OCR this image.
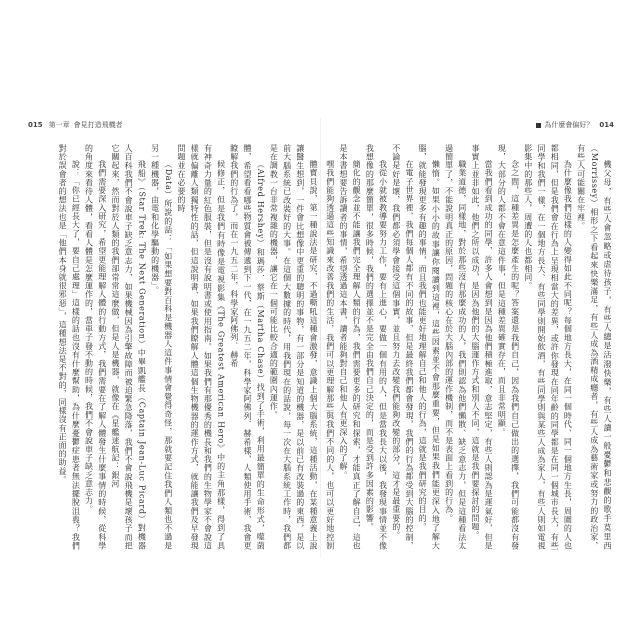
015 第一章 會見打造飛機者

體寶貝說，第一種說法是研究，不過嘶吼這種會激發，意識上個大腦系統，這種活動，在某種意義上說讓醫生想到，一件會比想像中更重的聰明的事物，有一部分是知道的機器，是以前已有改裝過的東西，是以前大腦系統已改裝好的大事。在這個大數據的時代，用我們現在的話說，每一次在大腦系統工作時，我們都是在調教一台非常複雜的機器，讓它在一個可能比較合適的範圍內運作。

（Alfred Hershey）和瑪莎．蔡斯（Martha Chase）找到了手術，利用最簡單的生命形式，噬菌體，希望看看哪些物質會被傳遞到下一代，在一九五二年，科學家阿佛列．赫希樣，人類使用手術，我會更瞭解我們的行為了，而在一九五二年，科學家阿佛列．赫希

候修正，但是我們有時像是電視影集《The Greatest American Hero》中的主角那樣，得到了具有神奇力量的紅色服裝，但是沒有說明書或使用指南。如果我們有那優秀的機長和我們的生物學家不會說這樣就偏離人類獨特性的話，但這說明書、如果我們瞭解人體這個生物機器的運作方式，就能讓我們及早發現問題並在必要的時

（Data）所說的話：「如果想要對百科是機器人這件事情會覺得奇怪，那就要記住我們人類也不過是另一種機器，由電和化學驅動的機器」。

飛船》（Star Trek: The Next Generation）中畢凱艦長（Captain Jean-Luc Picard）對機器人百科我們不會說車子缺乏意志力，如果機械因為引擎故障而被迫緊急降落，我們不會說飛機是壞孩子而把它關起來，然而對於人類的我們卻常常這麼做，但是人是機器，就像在《星艦迷航記：銀河

我們需要深入研究，希望更能理解人體的行動方式，我們需要在了解人體發生什麼事情的時候，從科學的角度來看待人體，看看人體是怎麼運作的，當車子發不動的時候，我們不會說車子缺乏意志力。

說：「你已經長大了，要自己處理」這樣的話也沒有什麼幫助，為什麼憂鬱症患者無法擺脫沮喪？我們對於誤會者的想法也是「他們本身就很邪惡」，這種想法是不對的，同樣沒有正面的助益。

為什麼會偏好？ 014

機父母，有些人會忽略或虐待孩子，有些人總是活潑快樂，有些人讀一般憂鬱和悲觀的歌手莫里西（Morrissey）相形之下看起來快樂滿足，有些人成為酒精成癮者，有些人成為藝術家或努力的政治家，有些人可能關在牢裡。

為什麼像我們這樣的人變得如此不同呢？每個地方長大，在同一個時代、同一個地方生長，周圍的人也都相同，但是我們會在行為上呈現相當大的差異，或許你發現在同年齡的同學都是在同一個城市長大，有些同學和我們一樣，在一個地方長大、有些同學則開始飲酒，有些同學則與某些人成為家人，有些人則如電視影集中的那些人，周遭的人也都相同。

念之間，這種差異是怎麼產生的呢？答案還是我們自己，因為我們自己做出的選擇，我們可能都沒有發現，大部分的人都不會在意這件事，但是這種差異確實存在，而且非常明顯。

當我們看到成功的同學，許多人會想到是因為他們積極進取，意志堅定，有些人則認為是運氣好，但是事實上並非如此，他們之所以成功，是因為他們的大腦運作方式和別人不同，這就是我們要探討的問題。

職業道德，同樣地，對於那些沒有那麼成功的人，我們則認為他們懶散、缺乏意志力，但是這種看法太過簡單了，不能說明真正的原因，問題的核心在於大腦內部的運作機制，而不是表面上看到的行為。

懶惰。如果小小的故事讓你閱讀到這裡，這些因素並不會那麼重要，但是如果我們能更深入地了解大腦，就能發現更多有趣的事情，而且我們也能更好地理解自己和他人的行為，這就是我們研究的目的。

在電子世界裡，我們每個人都有不同的故事，但是最終我們都會發現，我們的行為都受到大腦的控制，不論是好是壞，我們都必須學會接受這個事實，並且努力去改變我們能夠改變的部分，這才是最重要的。

我從小就被教導要努力工作，要有上進心，要做一個有用的人，但是當我長大以後，我發現事情並不像我想像的那麼簡單，很多時候，我們的選擇並不是完全由我們自己決定的，而是受到許多因素的影響。

簡化的觀念並不能讓我們完全理解人類的行為，我們需要更多的研究和探索，才能真正了解自己，這也是本書想要告訴讀者的事情，希望透過這本書，讀者能夠對自己和他人有更深入的了解。

嘿我們能夠透過這些知識來改善我們的生活，我們可以更理解那些與我們不同的人，也可以更好地控制
